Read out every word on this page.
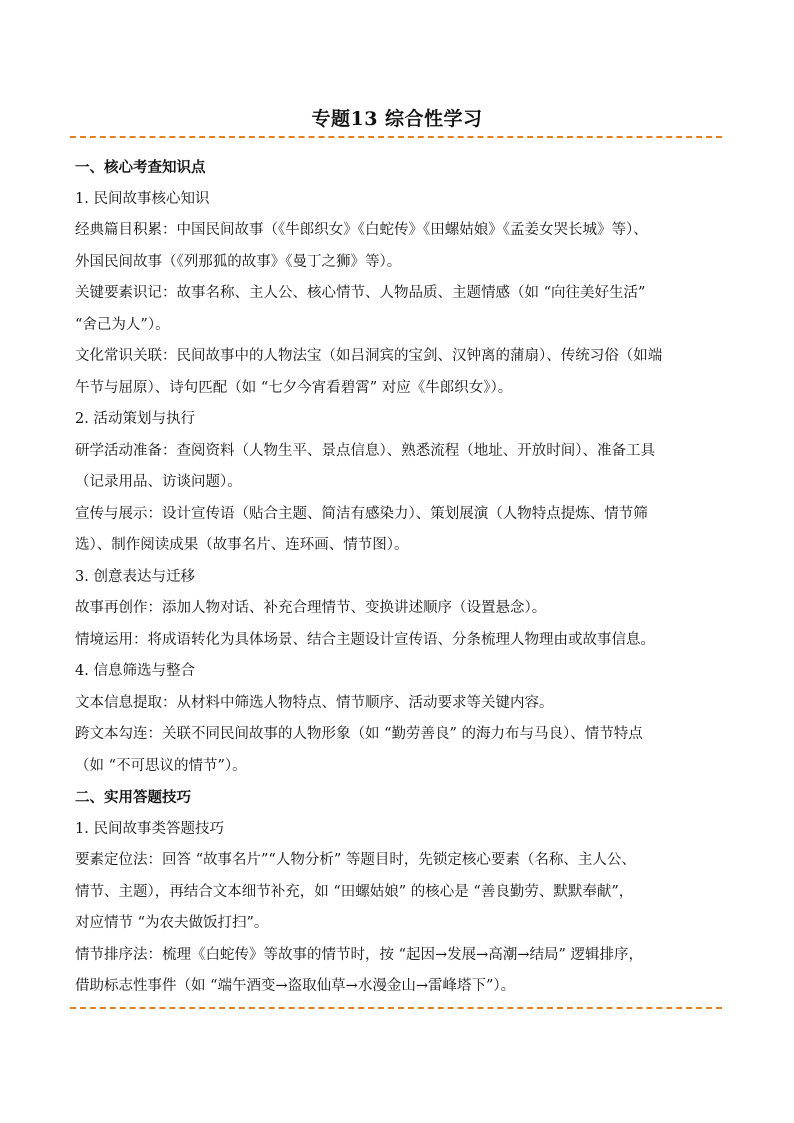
专题13 综合性学习
一、核心考查知识点
1. 民间故事核心知识
经典篇目积累：中国民间故事（《牛郎织女》《白蛇传》《田螺姑娘》《孟姜女哭长城》等）、
外国民间故事（《列那狐的故事》《曼丁之狮》等）。
关键要素识记：故事名称、主人公、核心情节、人物品质、主题情感（如 “向往美好生活”
“舍己为人”）。
文化常识关联：民间故事中的人物法宝（如吕洞宾的宝剑、汉钟离的蒲扇）、传统习俗（如端
午节与屈原）、诗句匹配（如 “七夕今宵看碧霄” 对应《牛郎织女》）。
2. 活动策划与执行
研学活动准备：查阅资料（人物生平、景点信息）、熟悉流程（地址、开放时间）、准备工具
（记录用品、访谈问题）。
宣传与展示：设计宣传语（贴合主题、简洁有感染力）、策划展演（人物特点提炼、情节筛
选）、制作阅读成果（故事名片、连环画、情节图）。
3. 创意表达与迁移
故事再创作：添加人物对话、补充合理情节、变换讲述顺序（设置悬念）。
情境运用：将成语转化为具体场景、结合主题设计宣传语、分条梳理人物理由或故事信息。
4. 信息筛选与整合
文本信息提取：从材料中筛选人物特点、情节顺序、活动要求等关键内容。
跨文本勾连：关联不同民间故事的人物形象（如 “勤劳善良” 的海力布与马良）、情节特点
（如 “不可思议的情节”）。
二、实用答题技巧
1. 民间故事类答题技巧
要素定位法：回答 “故事名片”“人物分析” 等题目时，先锁定核心要素（名称、主人公、
情节、主题），再结合文本细节补充，如 “田螺姑娘” 的核心是 “善良勤劳、默默奉献”，
对应情节 “为农夫做饭打扫”。
情节排序法：梳理《白蛇传》等故事的情节时，按 “起因→发展→高潮→结局” 逻辑排序，
借助标志性事件（如 “端午酒变→盗取仙草→水漫金山→雷峰塔下”）。
